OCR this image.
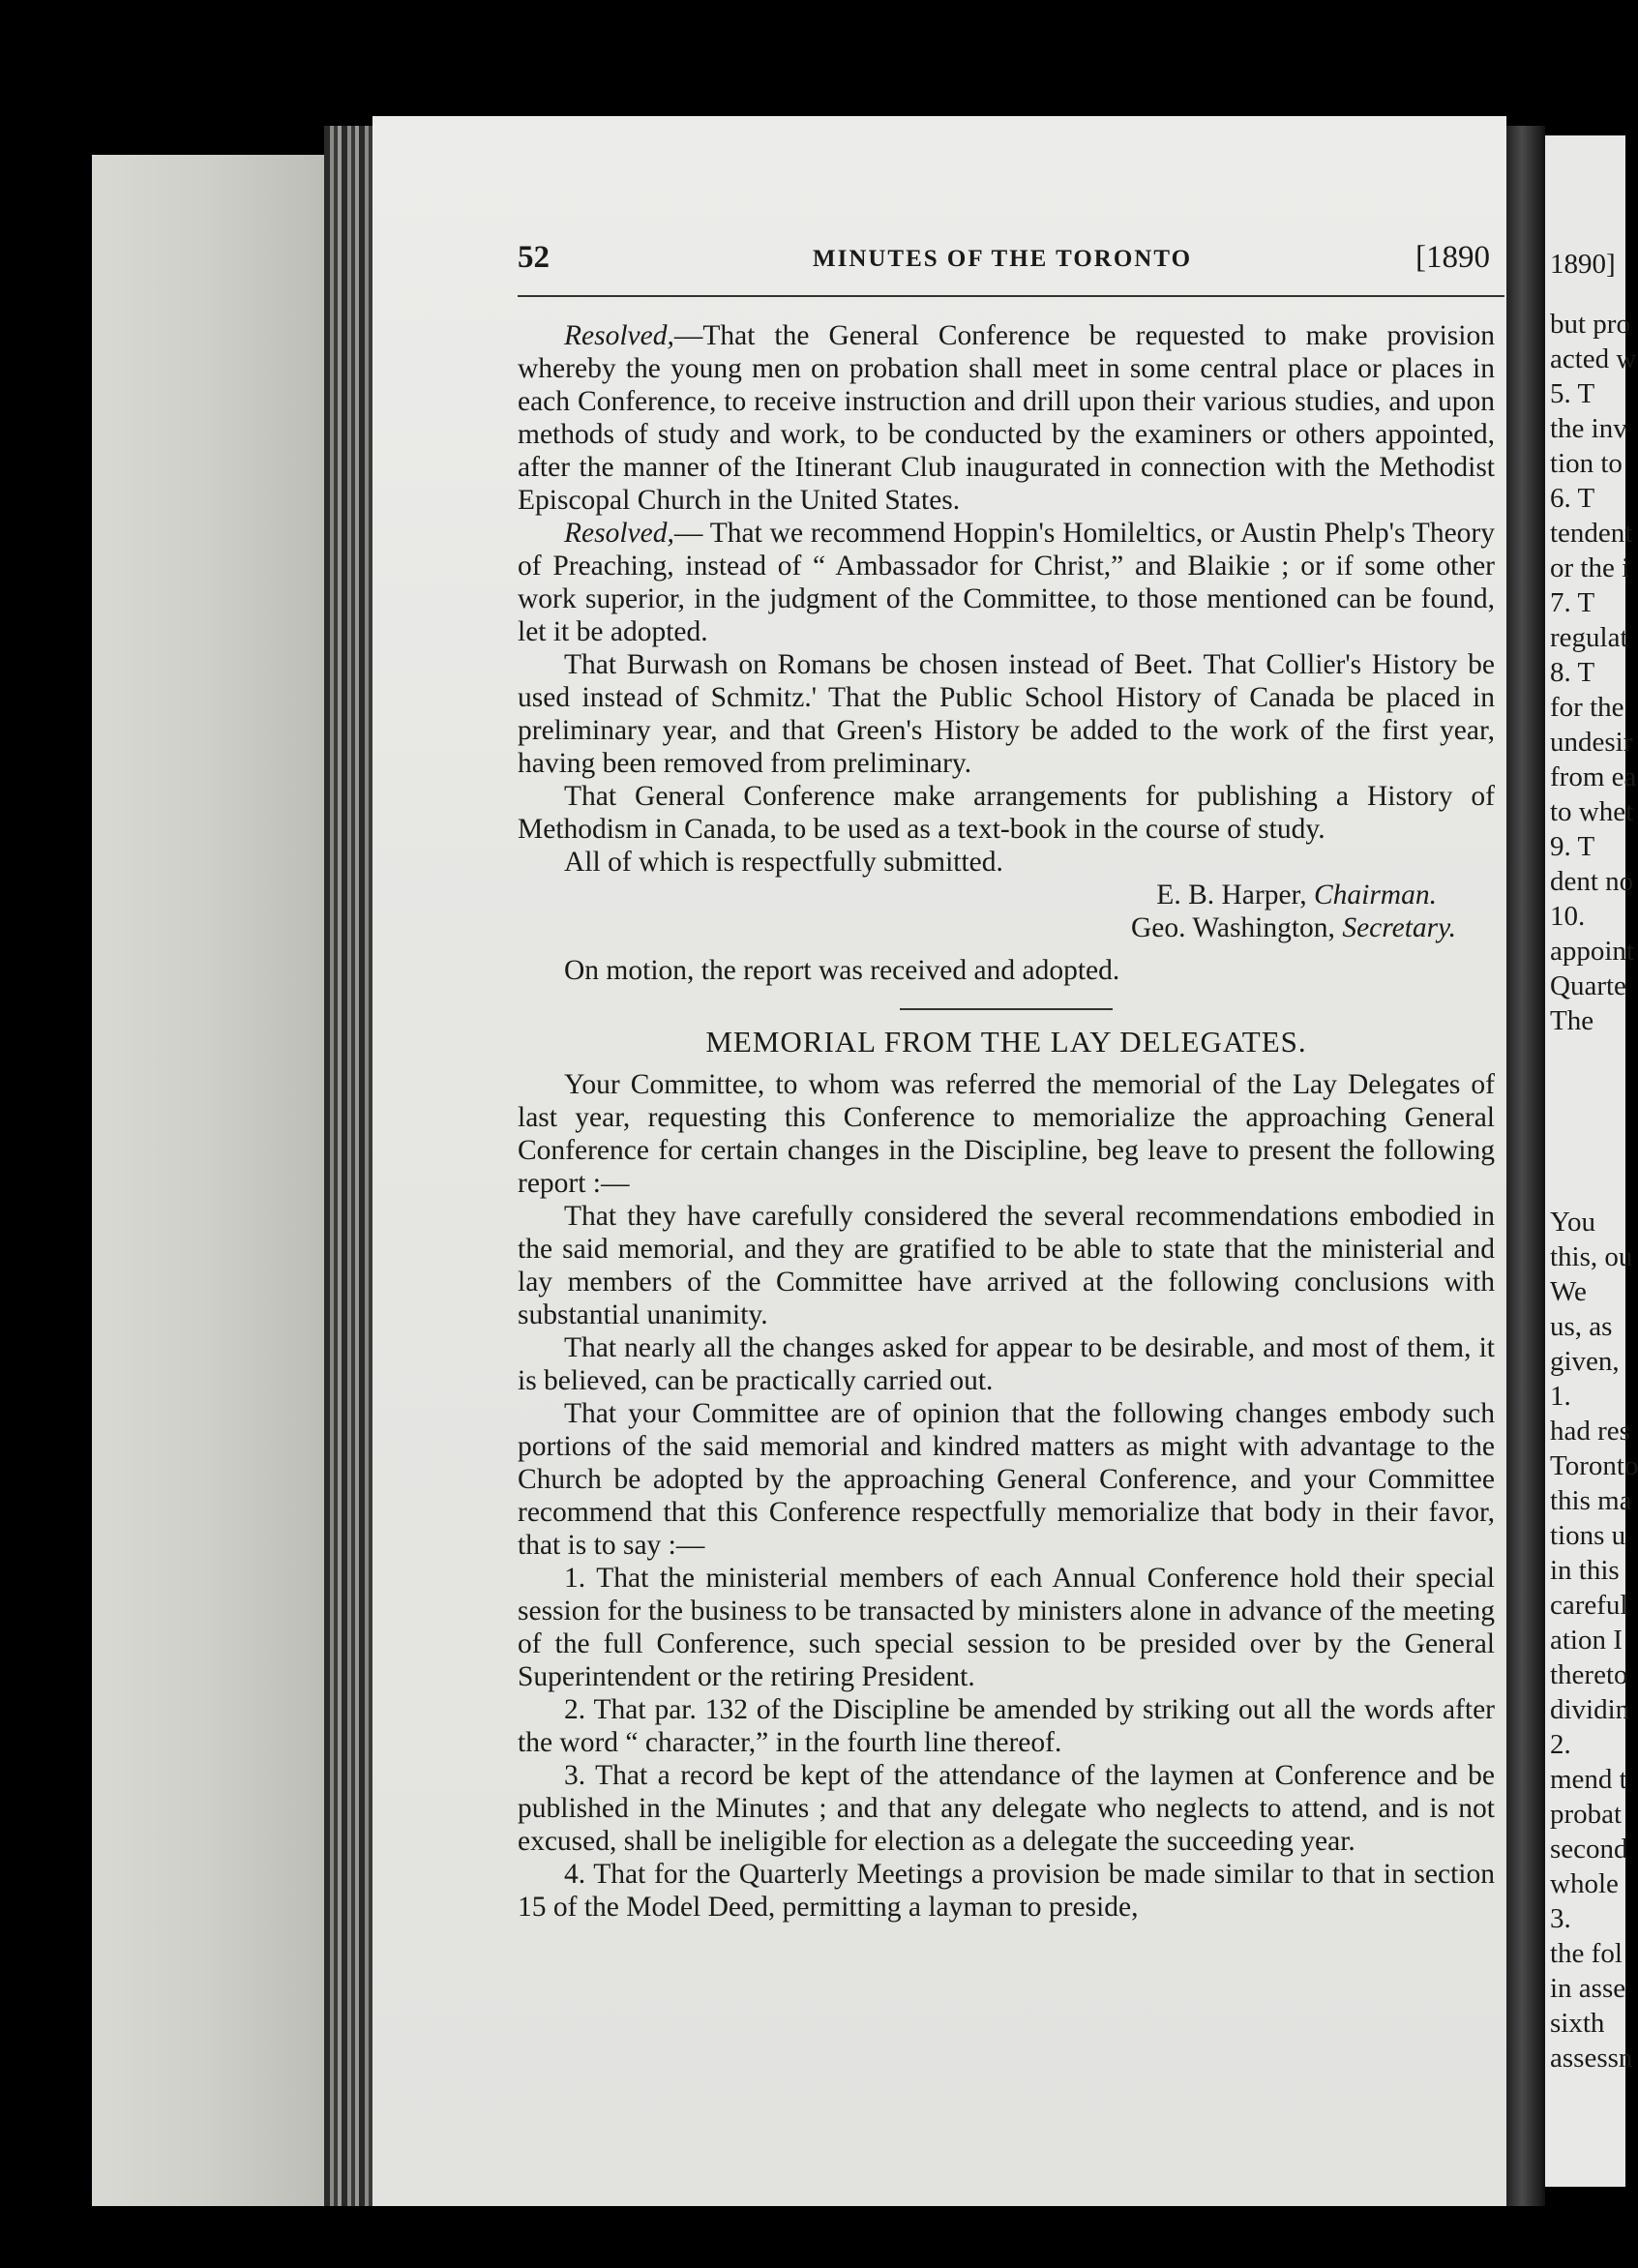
52	MINUTES OF THE TORONTO	[1890

Resolved,—That the General Conference be requested to make provision whereby the young men on probation shall meet in some central place or places in each Conference, to receive instruction and drill upon their various studies, and upon methods of study and work, to be conducted by the examiners or others appointed, after the manner of the Itinerant Club inaugurated in connection with the Methodist Episcopal Church in the United States.

Resolved,— That we recommend Hoppin's Homileltics, or Austin Phelp's Theory of Preaching, instead of “ Ambassador for Christ,” and Blaikie ; or if some other work superior, in the judgment of the Committee, to those mentioned can be found, let it be adopted.

That Burwash on Romans be chosen instead of Beet. That Collier's History be used instead of Schmitz.' That the Public School History of Canada be placed in preliminary year, and that Green's History be added to the work of the first year, having been removed from preliminary.

That General Conference make arrangements for publishing a History of Methodism in Canada, to be used as a text-book in the course of study.

All of which is respectfully submitted.

E. B. Harper, Chairman.

Geo. Washington, Secretary.

On motion, the report was received and adopted.

MEMORIAL FROM THE LAY DELEGATES.

Your Committee, to whom was referred the memorial of the Lay Delegates of last year, requesting this Conference to memorialize the approaching General Conference for certain changes in the Discipline, beg leave to present the following report :—

That they have carefully considered the several recommendations embodied in the said memorial, and they are gratified to be able to state that the ministerial and lay members of the Committee have arrived at the following conclusions with substantial unanimity.

That nearly all the changes asked for appear to be desirable, and most of them, it is believed, can be practically carried out.

That your Committee are of opinion that the following changes embody such portions of the said memorial and kindred matters as might with advantage to the Church be adopted by the approaching General Conference, and your Committee recommend that this Conference respectfully memorialize that body in their favor, that is to say :—

1. That the ministerial members of each Annual Conference hold their special session for the business to be transacted by ministers alone in advance of the meeting of the full Conference, such special session to be presided over by the General Superintendent or the retiring President.

2. That par. 132 of the Discipline be amended by striking out all the words after the word “ character,” in the fourth line thereof.

3. That a record be kept of the attendance of the laymen at Conference and be published in the Minutes ; and that any delegate who neglects to attend, and is not excused, shall be ineligible for election as a delegate the succeeding year.

4. That for the Quarterly Meetings a provision be made similar to that in section 15 of the Model Deed, permitting a layman to preside,

1890]
but pro
acted w
5. T
the inv
tion to
6. T
tendent
or the i
7. T
regulat
8. T
for the
undesir
from ea
to whet
9. T
dent no
10.
appoint
Quarte
The
You
this, ou
We
us, as
given,
1.
had res
Toronto
this ma
tions u
in this
careful
ation I
thereto
dividin
2.
mend t
probat
second
whole
3.
the fol
in asse
sixth
assessn
